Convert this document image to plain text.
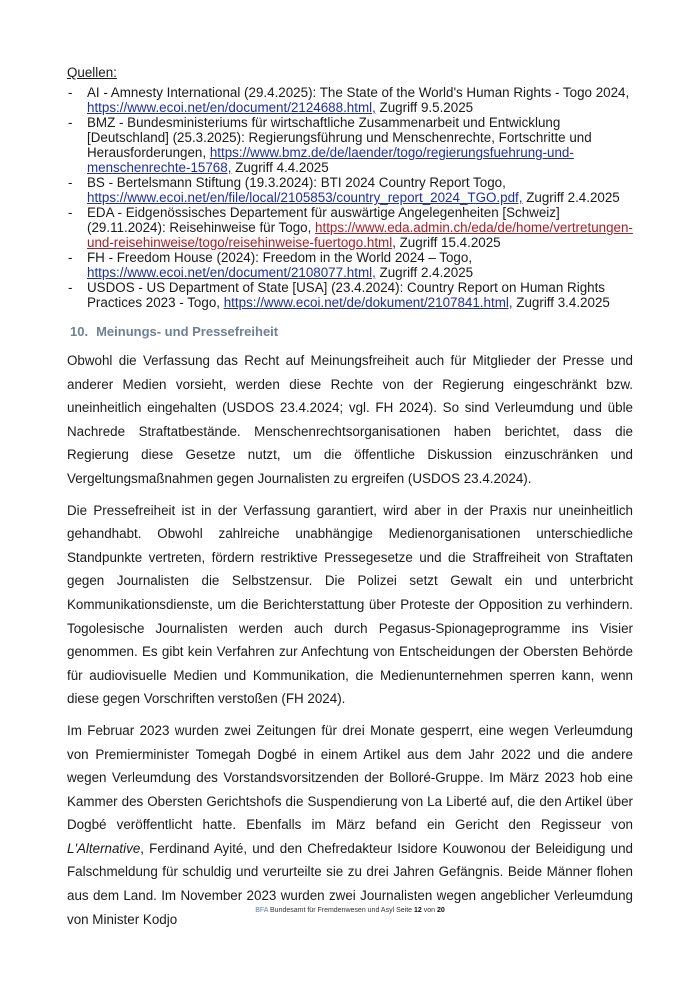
Quellen:
- AI - Amnesty International (29.4.2025): The State of the World's Human Rights - Togo 2024, https://www.ecoi.net/en/document/2124688.html, Zugriff 9.5.2025
- BMZ - Bundesministeriums für wirtschaftliche Zusammenarbeit und Entwicklung [Deutschland] (25.3.2025): Regierungsführung und Menschenrechte, Fortschritte und Herausforderungen, https://www.bmz.de/de/laender/togo/regierungsfuehrung-und-menschenrechte-15768, Zugriff 4.4.2025
- BS - Bertelsmann Stiftung (19.3.2024): BTI 2024 Country Report Togo, https://www.ecoi.net/en/file/local/2105853/country_report_2024_TGO.pdf, Zugriff 2.4.2025
- EDA - Eidgenössisches Departement für auswärtige Angelegenheiten [Schweiz] (29.11.2024): Reisehinweise für Togo, https://www.eda.admin.ch/eda/de/home/vertretungen-und-reisehinweise/togo/reisehinweise-fuertogo.html, Zugriff 15.4.2025
- FH - Freedom House (2024): Freedom in the World 2024 – Togo, https://www.ecoi.net/en/document/2108077.html, Zugriff 2.4.2025
- USDOS - US Department of State [USA] (23.4.2024): Country Report on Human Rights Practices 2023 - Togo, https://www.ecoi.net/de/dokument/2107841.html, Zugriff 3.4.2025
10. Meinungs- und Pressefreiheit

Obwohl die Verfassung das Recht auf Meinungsfreiheit auch für Mitglieder der Presse und anderer Medien vorsieht, werden diese Rechte von der Regierung eingeschränkt bzw. uneinheitlich eingehalten (USDOS 23.4.2024; vgl. FH 2024). So sind Verleumdung und üble Nachrede Straftatbestände. Menschenrechtsorganisationen haben berichtet, dass die Regierung diese Gesetze nutzt, um die öffentliche Diskussion einzuschränken und Vergeltungsmaßnahmen gegen Journalisten zu ergreifen (USDOS 23.4.2024).

Die Pressefreiheit ist in der Verfassung garantiert, wird aber in der Praxis nur uneinheitlich gehandhabt. Obwohl zahlreiche unabhängige Medienorganisationen unterschiedliche Standpunkte vertreten, fördern restriktive Pressegesetze und die Straffreiheit von Straftaten gegen Journalisten die Selbstzensur. Die Polizei setzt Gewalt ein und unterbricht Kommunikationsdienste, um die Berichterstattung über Proteste der Opposition zu verhindern. Togolesische Journalisten werden auch durch Pegasus-Spionageprogramme ins Visier genommen. Es gibt kein Verfahren zur Anfechtung von Entscheidungen der Obersten Behörde für audiovisuelle Medien und Kommunikation, die Medienunternehmen sperren kann, wenn diese gegen Vorschriften verstoßen (FH 2024).

Im Februar 2023 wurden zwei Zeitungen für drei Monate gesperrt, eine wegen Verleumdung von Premierminister Tomegah Dogbé in einem Artikel aus dem Jahr 2022 und die andere wegen Verleumdung des Vorstandsvorsitzenden der Bolloré-Gruppe. Im März 2023 hob eine Kammer des Obersten Gerichtshofs die Suspendierung von La Liberté auf, die den Artikel über Dogbé veröffentlicht hatte. Ebenfalls im März befand ein Gericht den Regisseur von L'Alternative, Ferdinand Ayité, und den Chefredakteur Isidore Kouwonou der Beleidigung und Falschmeldung für schuldig und verurteilte sie zu drei Jahren Gefängnis. Beide Männer flohen aus dem Land. Im November 2023 wurden zwei Journalisten wegen angeblicher Verleumdung von Minister Kodjo

BFA Bundesamt für Fremdenwesen und Asyl Seite 12 von 20
